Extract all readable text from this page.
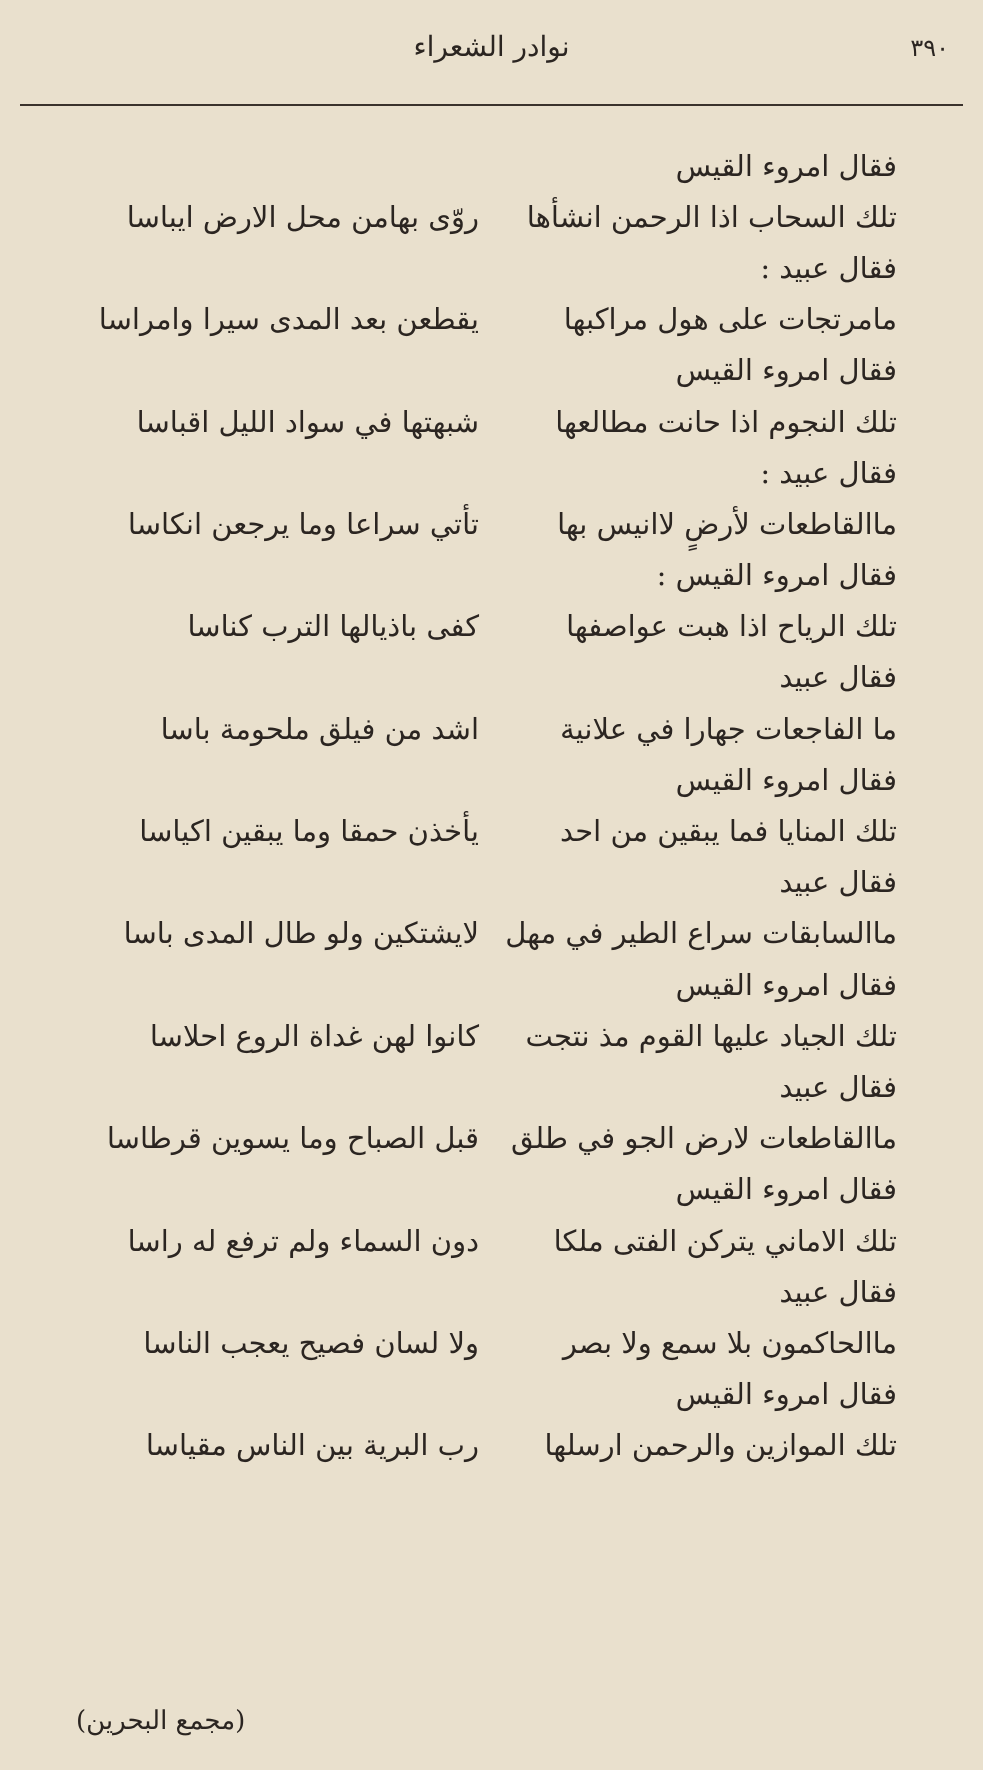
٣٩٠
نوادر الشعراء
فقال امروء القيس
تلك السحاب اذا الرحمن انشأها
روّى بهامن محل الارض ايباسا
فقال عبيد :
مامرتجات على هول مراكبها
يقطعن بعد المدى سيرا وامراسا
فقال امروء القيس
تلك النجوم اذا حانت مطالعها
شبهتها في سواد الليل اقباسا
فقال عبيد :
ماالقاطعات لأرضٍ لاانيس بها
تأتي سراعا وما يرجعن انكاسا
فقال امروء القيس :
تلك الرياح اذا هبت عواصفها
كفى باذيالها الترب كناسا
فقال عبيد
ما الفاجعات جهارا في علانية
اشد من فيلق ملحومة باسا
فقال امروء القيس
تلك المنايا فما يبقين من احد
يأخذن حمقا وما يبقين اكياسا
فقال عبيد
ماالسابقات سراع الطير في مهل
لايشتكين ولو طال المدى باسا
فقال امروء القيس
تلك الجياد عليها القوم مذ نتجت
كانوا لهن غداة الروع احلاسا
فقال عبيد
ماالقاطعات لارض الجو في طلق
قبل الصباح وما يسوين قرطاسا
فقال امروء القيس
تلك الاماني يتركن الفتى ملكا
دون السماء ولم ترفع له راسا
فقال عبيد
ماالحاكمون بلا سمع ولا بصر
ولا لسان فصيح يعجب الناسا
فقال امروء القيس
تلك الموازين والرحمن ارسلها
رب البرية بين الناس مقياسا
(مجمع البحرين)
